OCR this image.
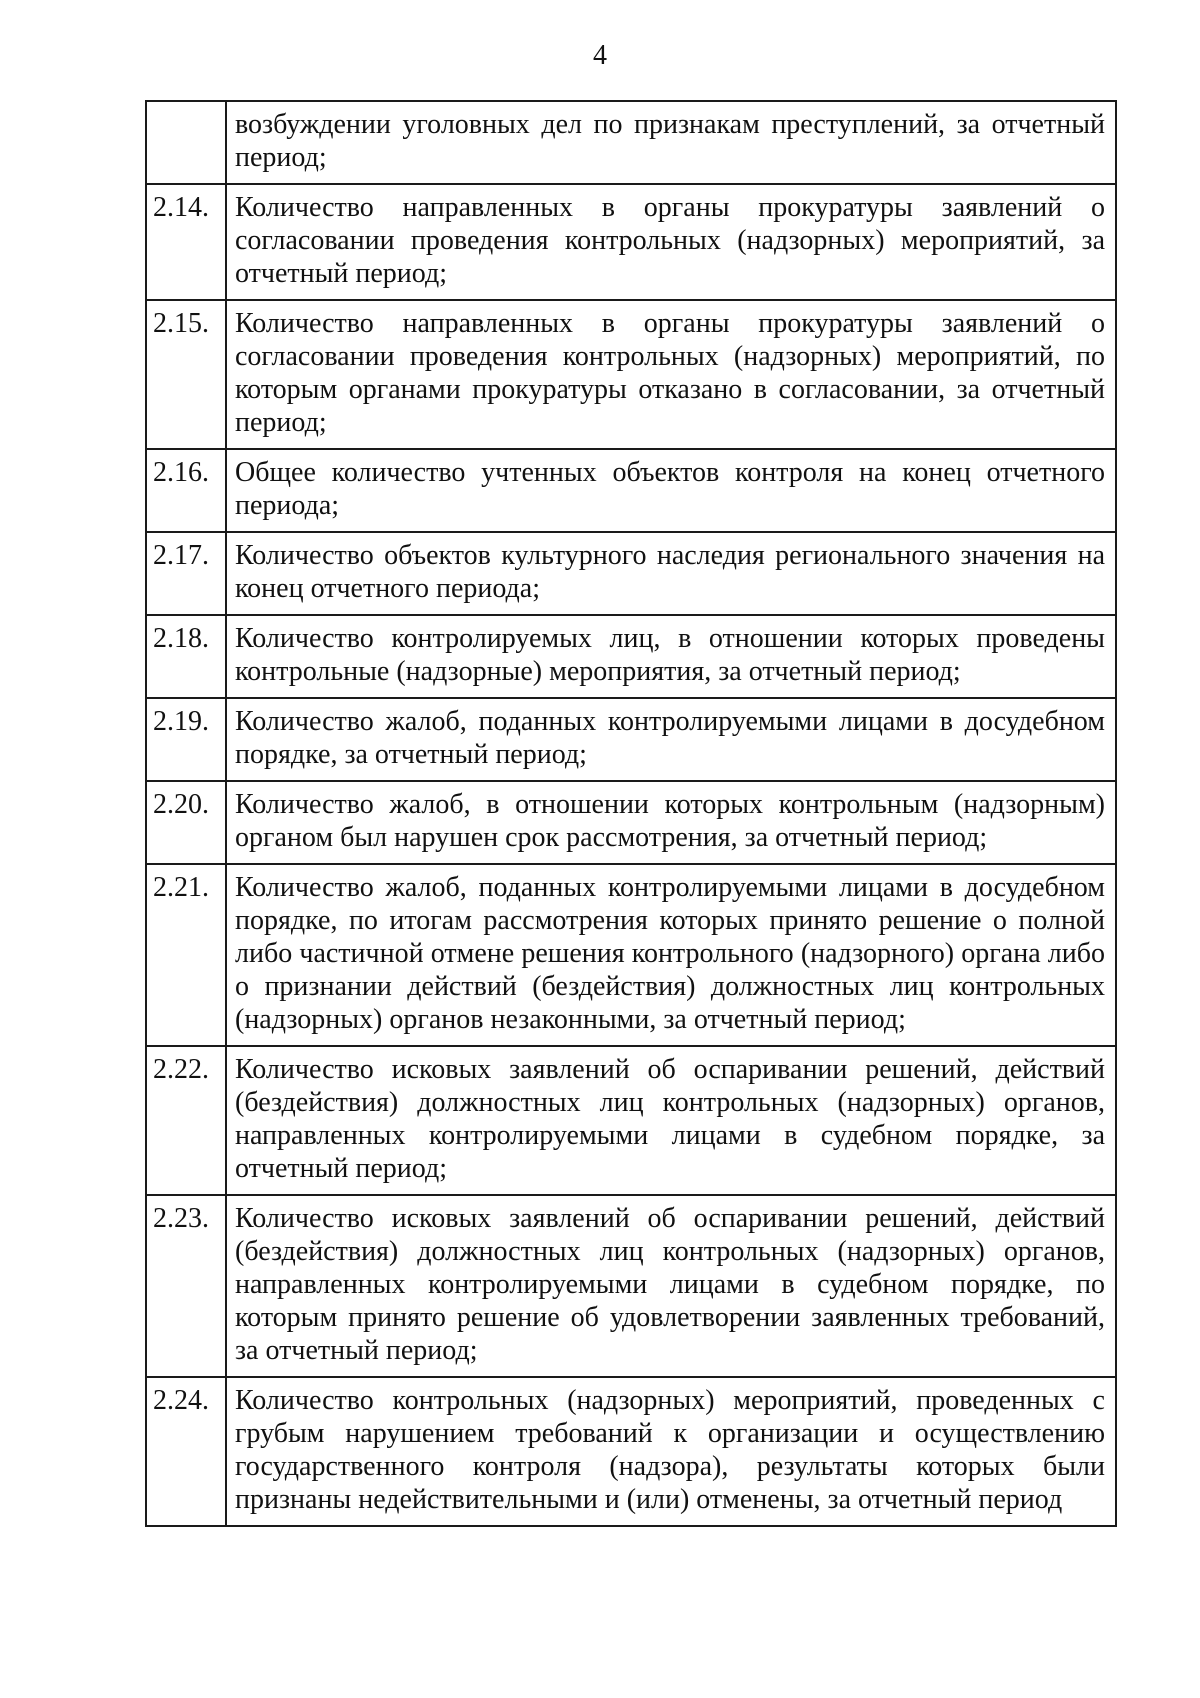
4
	возбуждении уголовных дел по признакам преступлений, за отчетный период;
2.14.	Количество направленных в органы прокуратуры заявлений о согласовании проведения контрольных (надзорных) мероприятий, за отчетный период;
2.15.	Количество направленных в органы прокуратуры заявлений о согласовании проведения контрольных (надзорных) мероприятий, по которым органами прокуратуры отказано в согласовании, за отчетный период;
2.16.	Общее количество учтенных объектов контроля на конец отчетного периода;
2.17.	Количество объектов культурного наследия регионального значения на конец отчетного периода;
2.18.	Количество контролируемых лиц, в отношении которых проведены контрольные (надзорные) мероприятия, за отчетный период;
2.19.	Количество жалоб, поданных контролируемыми лицами в досудебном порядке, за отчетный период;
2.20.	Количество жалоб, в отношении которых контрольным (надзорным) органом был нарушен срок рассмотрения, за отчетный период;
2.21.	Количество жалоб, поданных контролируемыми лицами в досудебном порядке, по итогам рассмотрения которых принято решение о полной либо частичной отмене решения контрольного (надзорного) органа либо о признании действий (бездействия) должностных лиц контрольных (надзорных) органов незаконными, за отчетный период;
2.22.	Количество исковых заявлений об оспаривании решений, действий (бездействия) должностных лиц контрольных (надзорных) органов, направленных контролируемыми лицами в судебном порядке, за отчетный период;
2.23.	Количество исковых заявлений об оспаривании решений, действий (бездействия) должностных лиц контрольных (надзорных) органов, направленных контролируемыми лицами в судебном порядке, по которым принято решение об удовлетворении заявленных требований, за отчетный период;
2.24.	Количество контрольных (надзорных) мероприятий, проведенных с грубым нарушением требований к организации и осуществлению государственного контроля (надзора), результаты которых были признаны недействительными и (или) отменены, за отчетный период
